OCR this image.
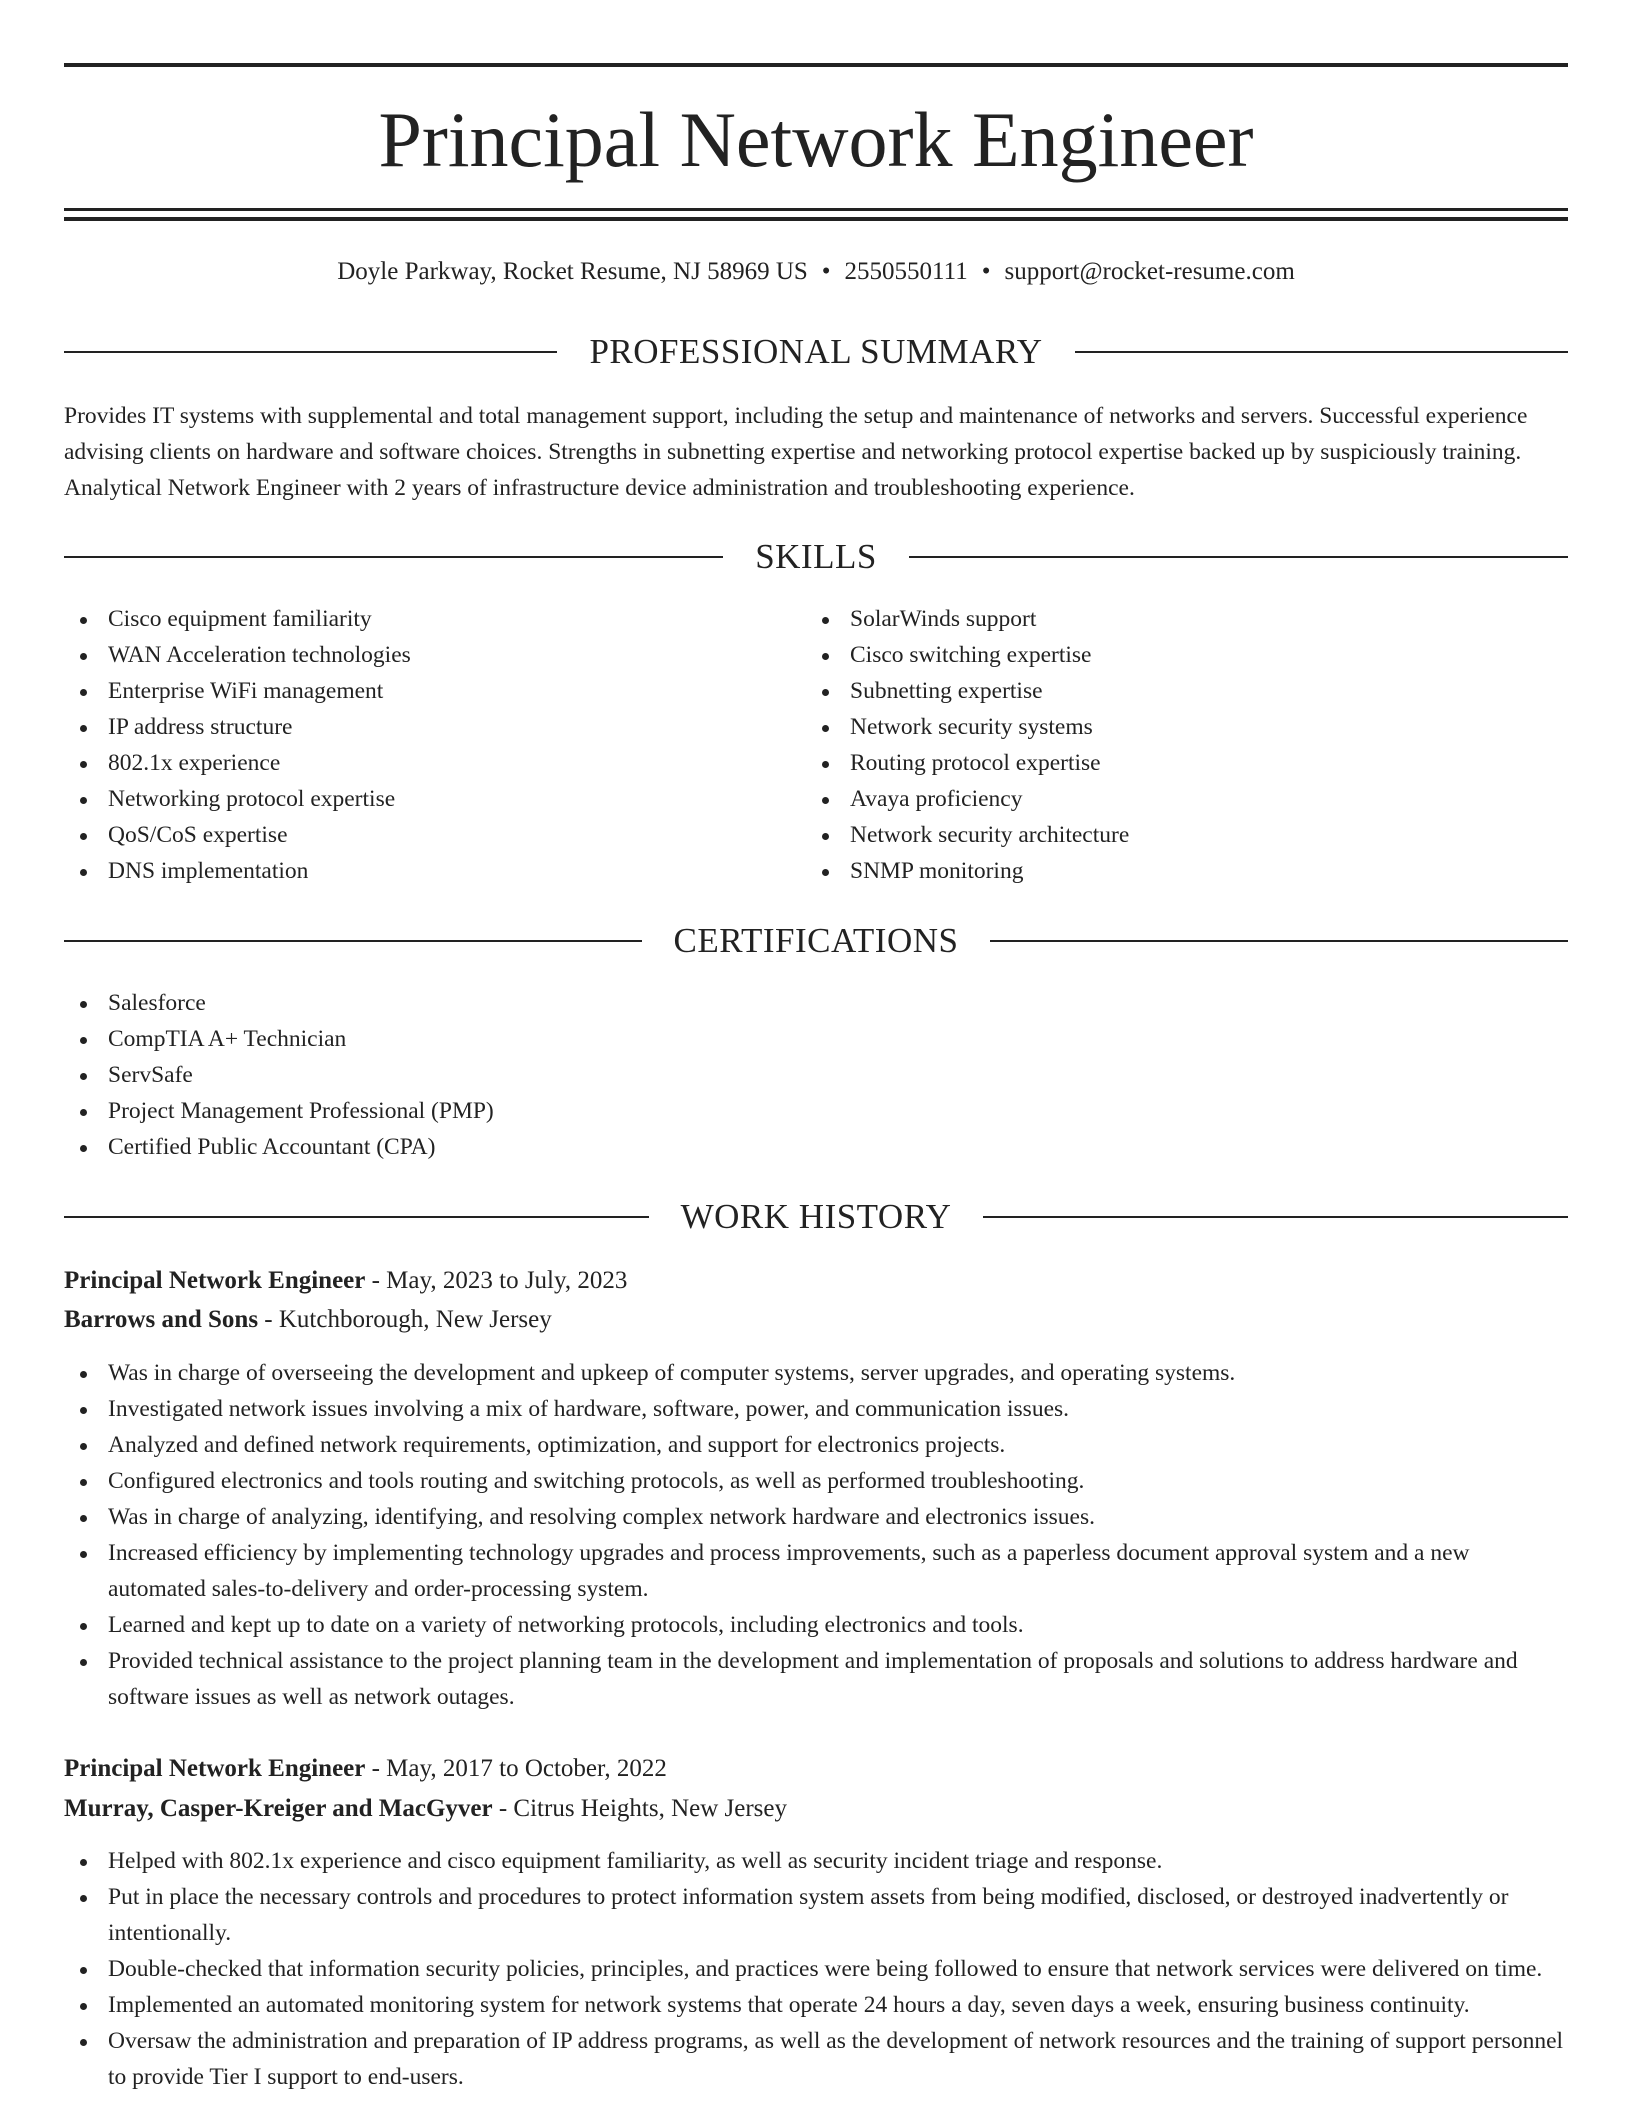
Principal Network Engineer
Doyle Parkway, Rocket Resume, NJ 58969 US • 2550550111 • support@rocket-resume.com
PROFESSIONAL SUMMARY

Provides IT systems with supplemental and total management support, including the setup and maintenance of networks and servers. Successful experience advising clients on hardware and software choices. Strengths in subnetting expertise and networking protocol expertise backed up by suspiciously training. Analytical Network Engineer with 2 years of infrastructure device administration and troubleshooting experience.

SKILLS
Cisco equipment familiarity
WAN Acceleration technologies
Enterprise WiFi management
IP address structure
802.1x experience
Networking protocol expertise
QoS/CoS expertise
DNS implementation
SolarWinds support
Cisco switching expertise
Subnetting expertise
Network security systems
Routing protocol expertise
Avaya proficiency
Network security architecture
SNMP monitoring
CERTIFICATIONS
Salesforce
CompTIA A+ Technician
ServSafe
Project Management Professional (PMP)
Certified Public Accountant (CPA)
WORK HISTORY
Principal Network Engineer - May, 2023 to July, 2023
Barrows and Sons - Kutchborough, New Jersey
Was in charge of overseeing the development and upkeep of computer systems, server upgrades, and operating systems.
Investigated network issues involving a mix of hardware, software, power, and communication issues.
Analyzed and defined network requirements, optimization, and support for electronics projects.
Configured electronics and tools routing and switching protocols, as well as performed troubleshooting.
Was in charge of analyzing, identifying, and resolving complex network hardware and electronics issues.
Increased efficiency by implementing technology upgrades and process improvements, such as a paperless document approval system and a new automated sales-to-delivery and order-processing system.
Learned and kept up to date on a variety of networking protocols, including electronics and tools.
Provided technical assistance to the project planning team in the development and implementation of proposals and solutions to address hardware and software issues as well as network outages.
Principal Network Engineer - May, 2017 to October, 2022
Murray, Casper-Kreiger and MacGyver - Citrus Heights, New Jersey
Helped with 802.1x experience and cisco equipment familiarity, as well as security incident triage and response.
Put in place the necessary controls and procedures to protect information system assets from being modified, disclosed, or destroyed inadvertently or intentionally.
Double-checked that information security policies, principles, and practices were being followed to ensure that network services were delivered on time.
Implemented an automated monitoring system for network systems that operate 24 hours a day, seven days a week, ensuring business continuity.
Oversaw the administration and preparation of IP address programs, as well as the development of network resources and the training of support personnel to provide Tier I support to end-users.
